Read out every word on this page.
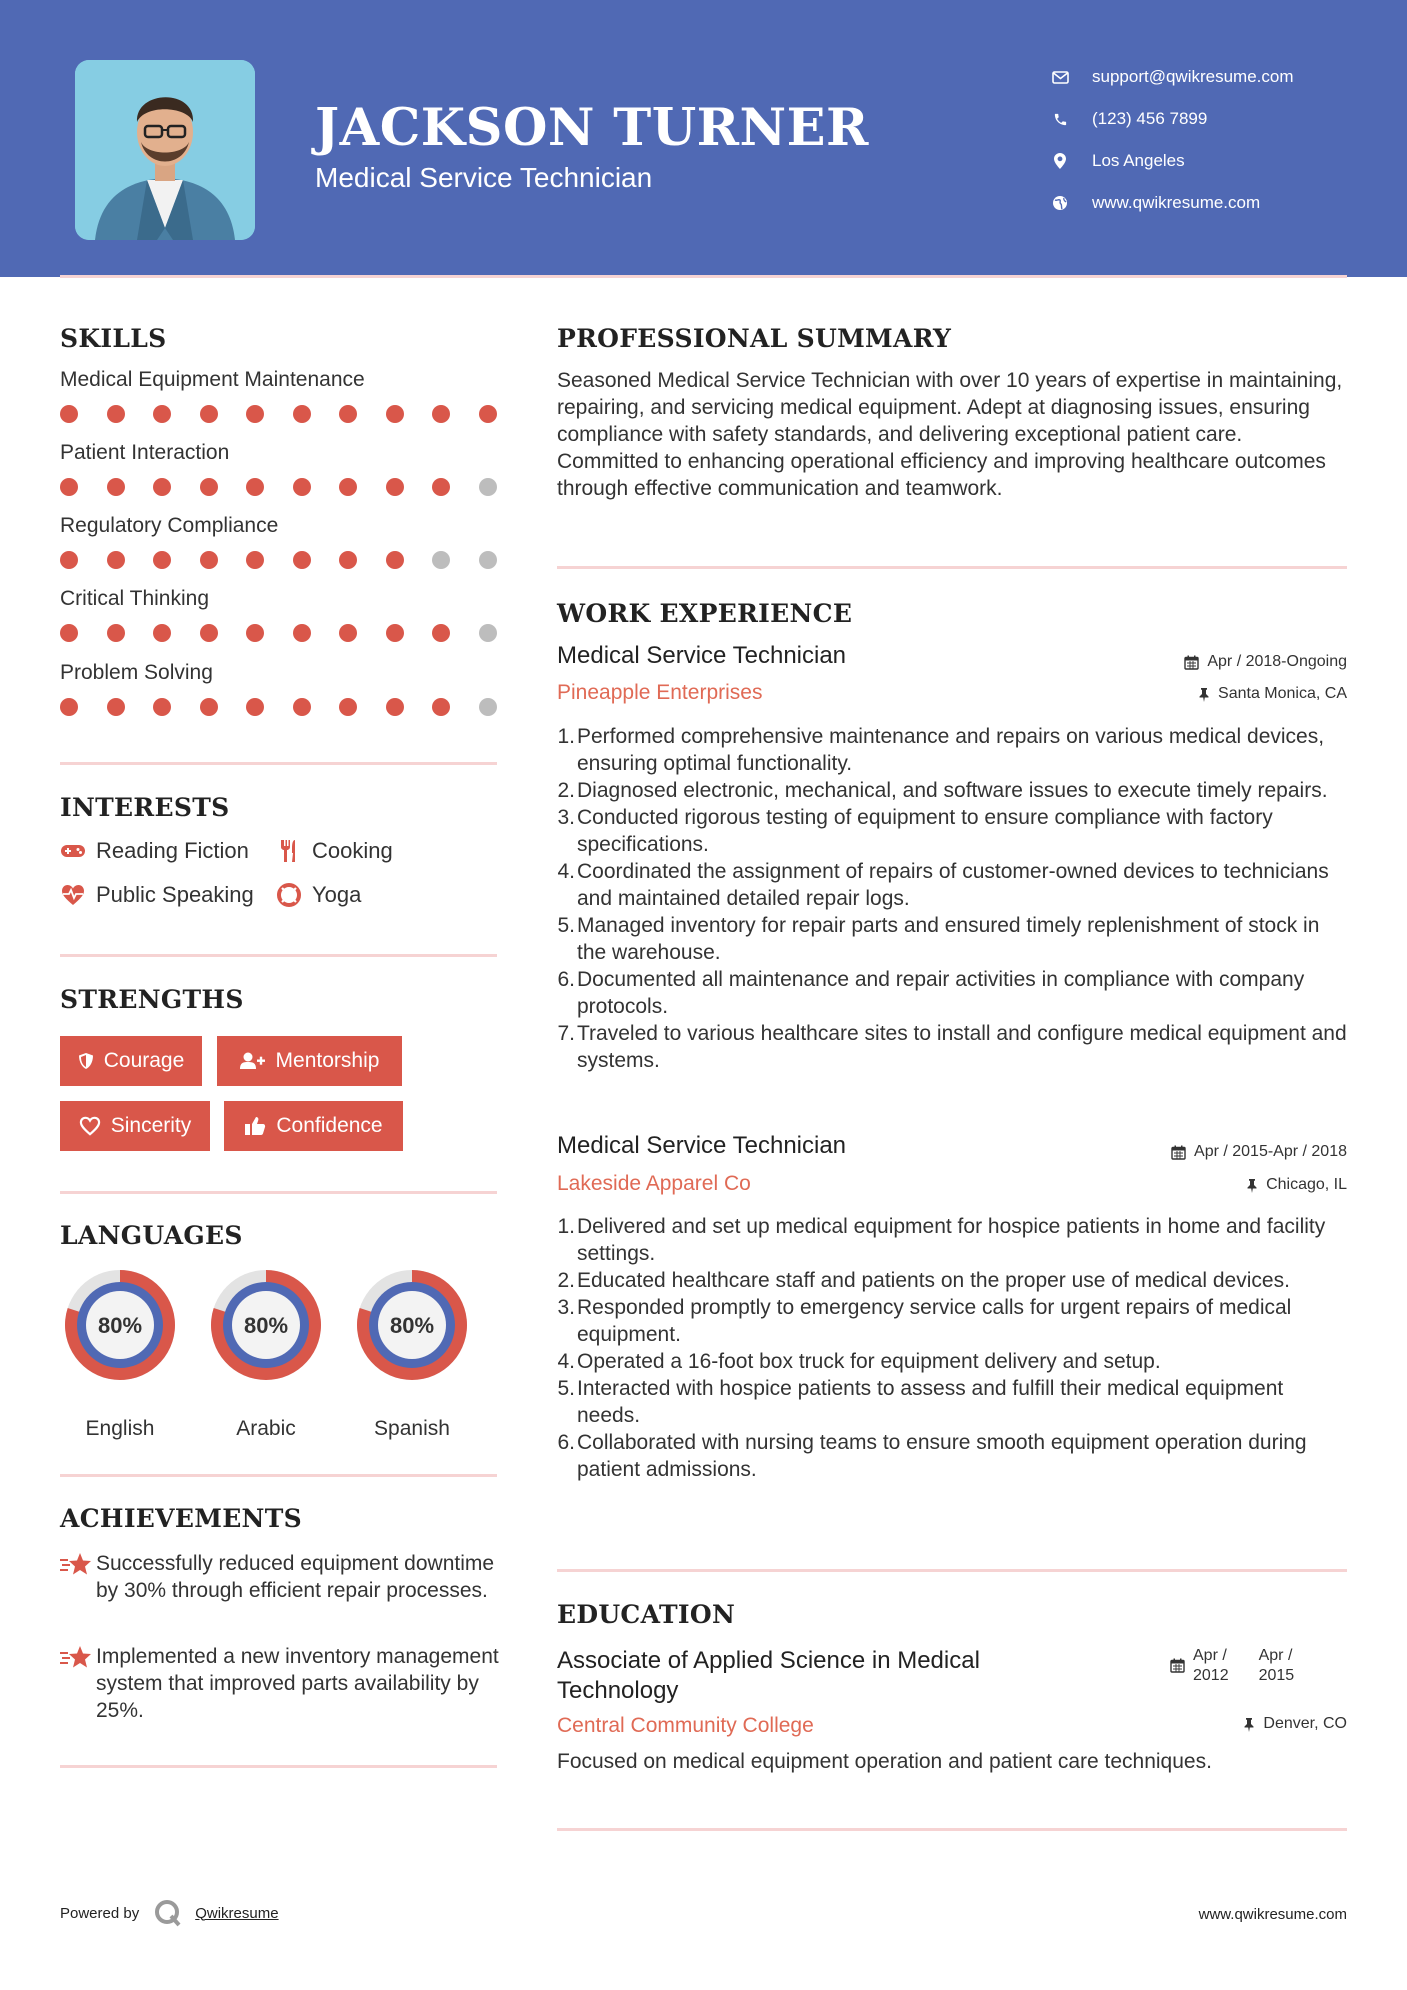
JACKSON TURNER
Medical Service Technician
support@qwikresume.com
(123) 456 7899
Los Angeles
www.qwikresume.com
SKILLS
Medical Equipment Maintenance
Patient Interaction
Regulatory Compliance
Critical Thinking
Problem Solving
INTERESTS
Reading Fiction	Cooking
Public Speaking	Yoga
STRENGTHS
Courage	Mentorship
Sincerity	Confidence
LANGUAGES
80%
English
80%
Arabic
80%
Spanish
ACHIEVEMENTS
Successfully reduced equipment downtime by 30% through efficient repair processes.
Implemented a new inventory management system that improved parts availability by 25%.
PROFESSIONAL SUMMARY
Seasoned Medical Service Technician with over 10 years of expertise in maintaining, repairing, and servicing medical equipment. Adept at diagnosing issues, ensuring compliance with safety standards, and delivering exceptional patient care. Committed to enhancing operational efficiency and improving healthcare outcomes through effective communication and teamwork.
WORK EXPERIENCE
Medical Service Technician	Apr / 2018-Ongoing
Pineapple Enterprises	Santa Monica, CA
1. Performed comprehensive maintenance and repairs on various medical devices, ensuring optimal functionality.
2. Diagnosed electronic, mechanical, and software issues to execute timely repairs.
3. Conducted rigorous testing of equipment to ensure compliance with factory specifications.
4. Coordinated the assignment of repairs of customer-owned devices to technicians and maintained detailed repair logs.
5. Managed inventory for repair parts and ensured timely replenishment of stock in the warehouse.
6. Documented all maintenance and repair activities in compliance with company protocols.
7. Traveled to various healthcare sites to install and configure medical equipment and systems.
Medical Service Technician	Apr / 2015-Apr / 2018
Lakeside Apparel Co	Chicago, IL
1. Delivered and set up medical equipment for hospice patients in home and facility settings.
2. Educated healthcare staff and patients on the proper use of medical devices.
3. Responded promptly to emergency service calls for urgent repairs of medical equipment.
4. Operated a 16-foot box truck for equipment delivery and setup.
5. Interacted with hospice patients to assess and fulfill their medical equipment needs.
6. Collaborated with nursing teams to ensure smooth equipment operation during patient admissions.
EDUCATION
Associate of Applied Science in Medical Technology
Apr /
2012
Apr /
2015
Central Community College	Denver, CO
Focused on medical equipment operation and patient care techniques.
Powered by	Qwikresume	www.qwikresume.com
